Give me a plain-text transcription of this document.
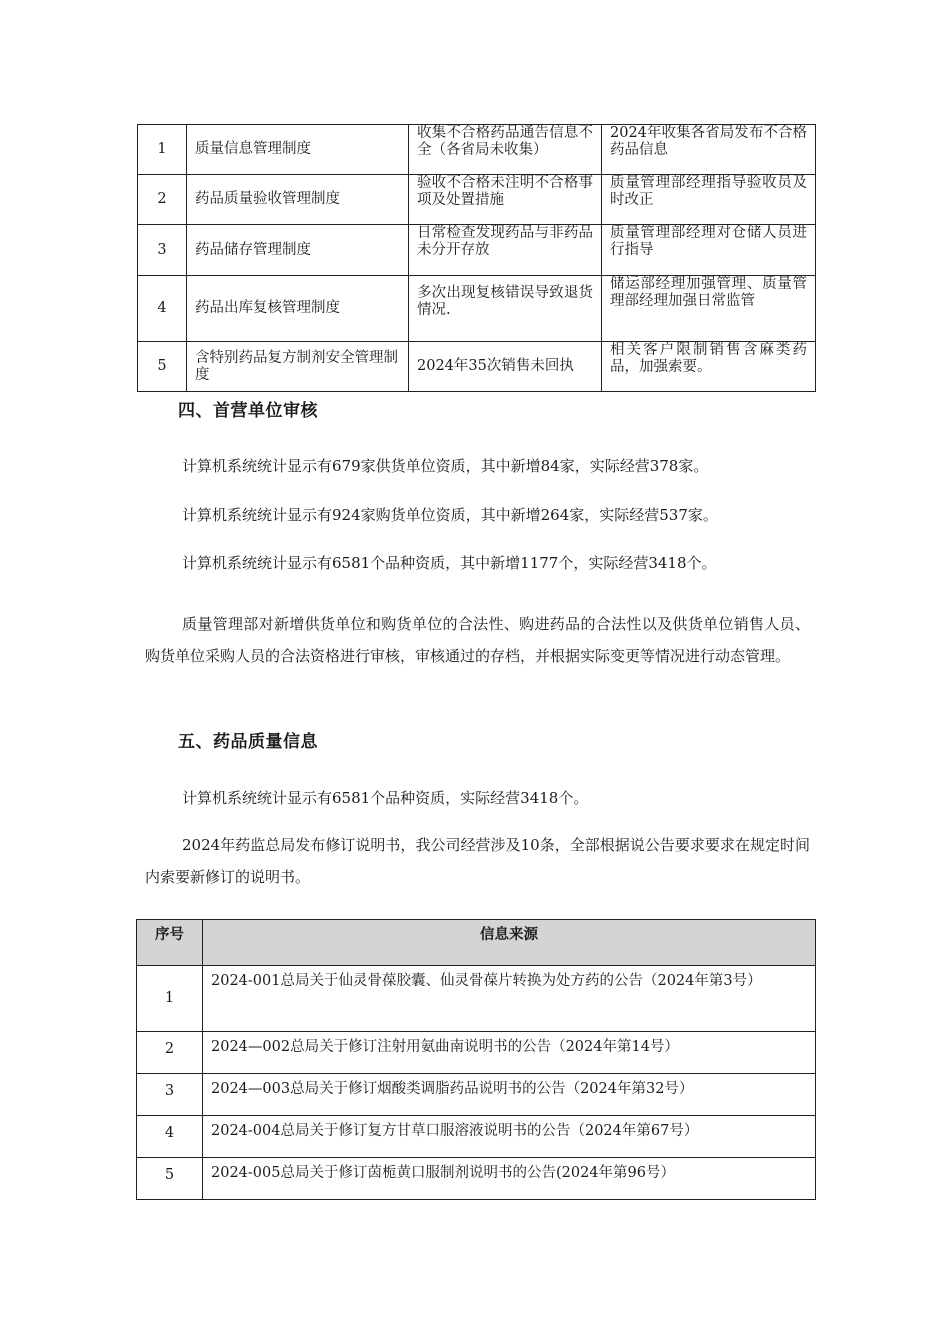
1	质量信息管理制度	收集不合格药品通告信息不全（各省局未收集）	2024年收集各省局发布不合格药品信息
2	药品质量验收管理制度	验收不合格未注明不合格事项及处置措施	质量管理部经理指导验收员及时改正
3	药品储存管理制度	日常检查发现药品与非药品未分开存放	质量管理部经理对仓储人员进行指导
4	药品出库复核管理制度	多次出现复核错误导致退货情况.	储运部经理加强管理、质量管理部经理加强日常监管
5	含特别药品复方制剂安全管理制度	2024年35次销售未回执	相关客户限制销售含麻类药品，加强索要。
四、首营单位审核
计算机系统统计显示有679家供货单位资质，其中新增84家，实际经营378家。
计算机系统统计显示有924家购货单位资质，其中新增264家，实际经营537家。
计算机系统统计显示有6581个品种资质，其中新增1177个，实际经营3418个。
质量管理部对新增供货单位和购货单位的合法性、购进药品的合法性以及供货单位销售人员、购货单位采购人员的合法资格进行审核，审核通过的存档，并根据实际变更等情况进行动态管理。
五、药品质量信息
计算机系统统计显示有6581个品种资质，实际经营3418个。
2024年药监总局发布修订说明书，我公司经营涉及10条，全部根据说公告要求要求在规定时间内索要新修订的说明书。
序号	信息来源
1	2024-001总局关于仙灵骨葆胶囊、仙灵骨葆片转换为处方药的公告（2024年第3号）
2	2024—002总局关于修订注射用氨曲南说明书的公告（2024年第14号）
3	2024—003总局关于修订烟酸类调脂药品说明书的公告（2024年第32号）
4	2024-004总局关于修订复方甘草口服溶液说明书的公告（2024年第67号）
5	2024-005总局关于修订茵栀黄口服制剂说明书的公告(2024年第96号）
